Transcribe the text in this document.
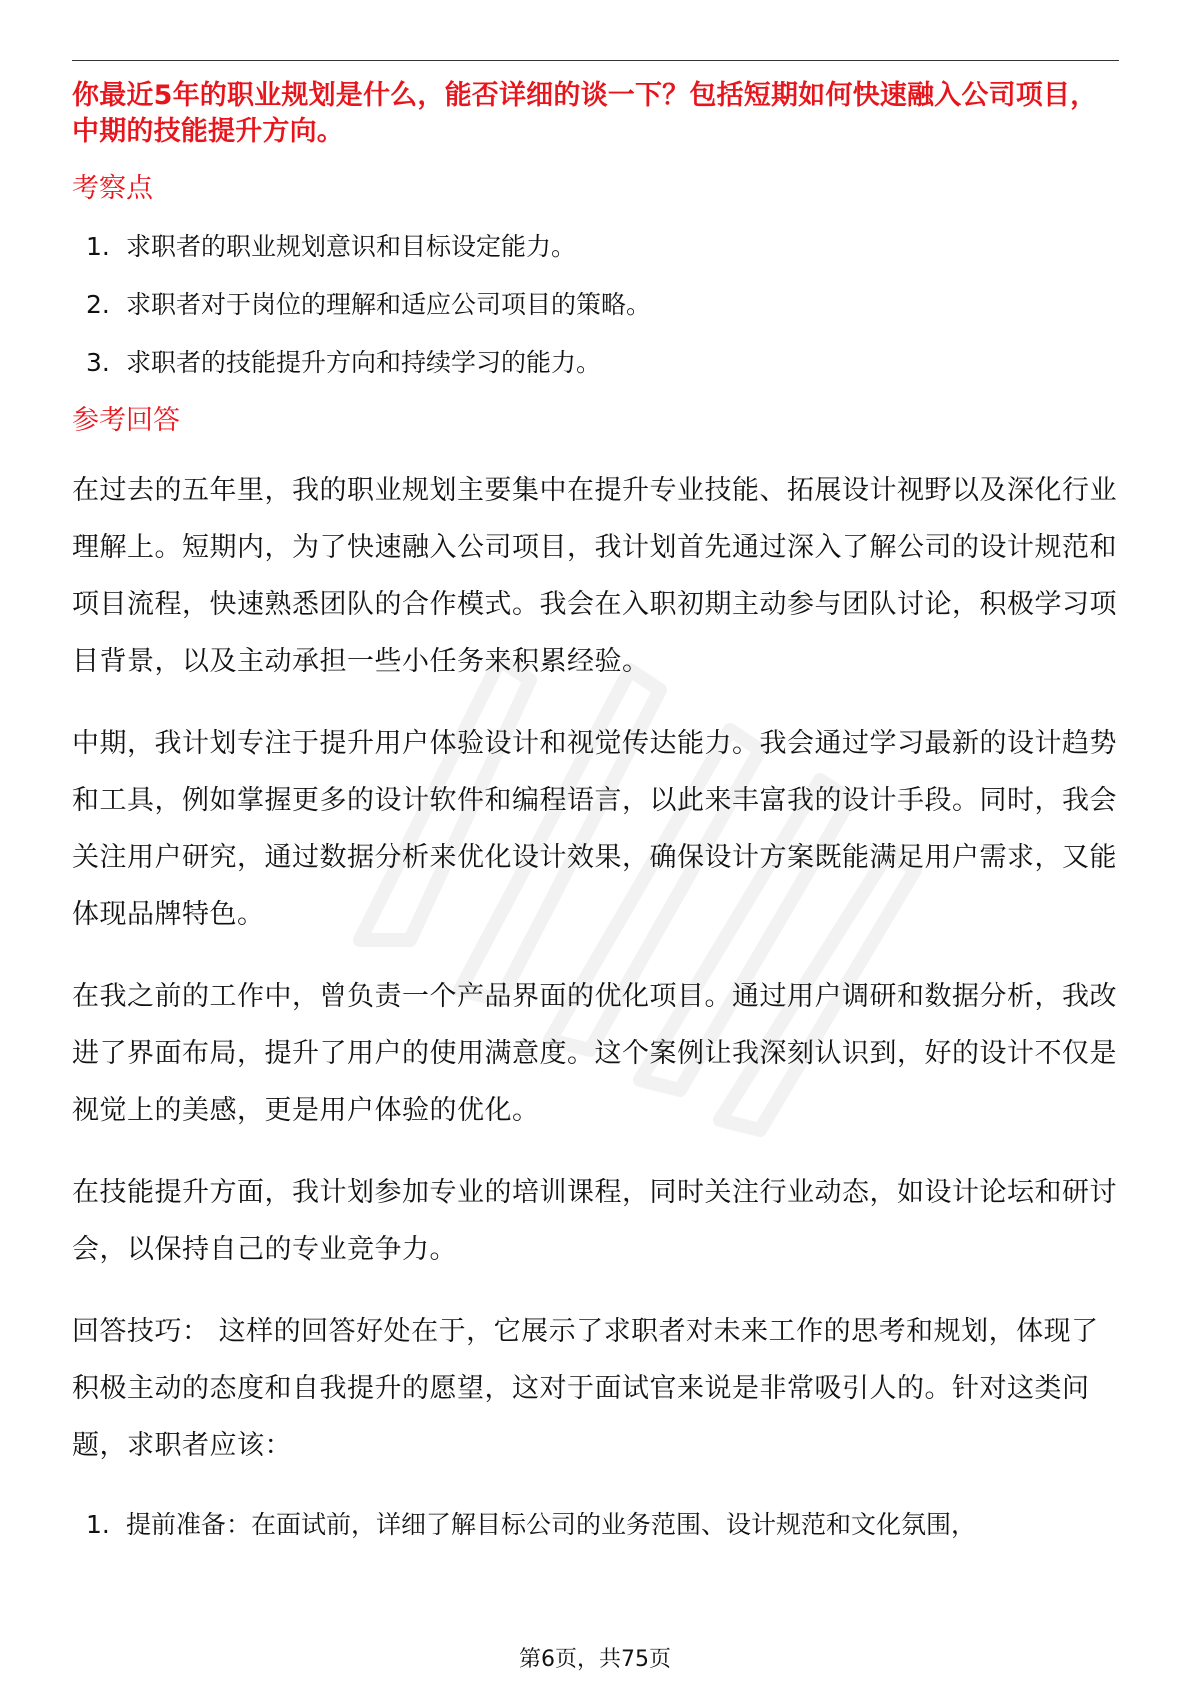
你最近5年的职业规划是什么，能否详细的谈一下？包括短期如何快速融入公司项目，中期的技能提升方向。

考察点

1. 求职者的职业规划意识和目标设定能力。
2. 求职者对于岗位的理解和适应公司项目的策略。
3. 求职者的技能提升方向和持续学习的能力。

参考回答

在过去的五年里，我的职业规划主要集中在提升专业技能、拓展设计视野以及深化行业理解上。短期内，为了快速融入公司项目，我计划首先通过深入了解公司的设计规范和项目流程，快速熟悉团队的合作模式。我会在入职初期主动参与团队讨论，积极学习项目背景，以及主动承担一些小任务来积累经验。

中期，我计划专注于提升用户体验设计和视觉传达能力。我会通过学习最新的设计趋势和工具，例如掌握更多的设计软件和编程语言，以此来丰富我的设计手段。同时，我会关注用户研究，通过数据分析来优化设计效果，确保设计方案既能满足用户需求，又能体现品牌特色。

在我之前的工作中，曾负责一个产品界面的优化项目。通过用户调研和数据分析，我改进了界面布局，提升了用户的使用满意度。这个案例让我深刻认识到，好的设计不仅是视觉上的美感，更是用户体验的优化。

在技能提升方面，我计划参加专业的培训课程，同时关注行业动态，如设计论坛和研讨会，以保持自己的专业竞争力。

回答技巧： 这样的回答好处在于，它展示了求职者对未来工作的思考和规划，体现了积极主动的态度和自我提升的愿望，这对于面试官来说是非常吸引人的。针对这类问题，求职者应该：

1. 提前准备：在面试前，详细了解目标公司的业务范围、设计规范和文化氛围，
第6页，共75页
